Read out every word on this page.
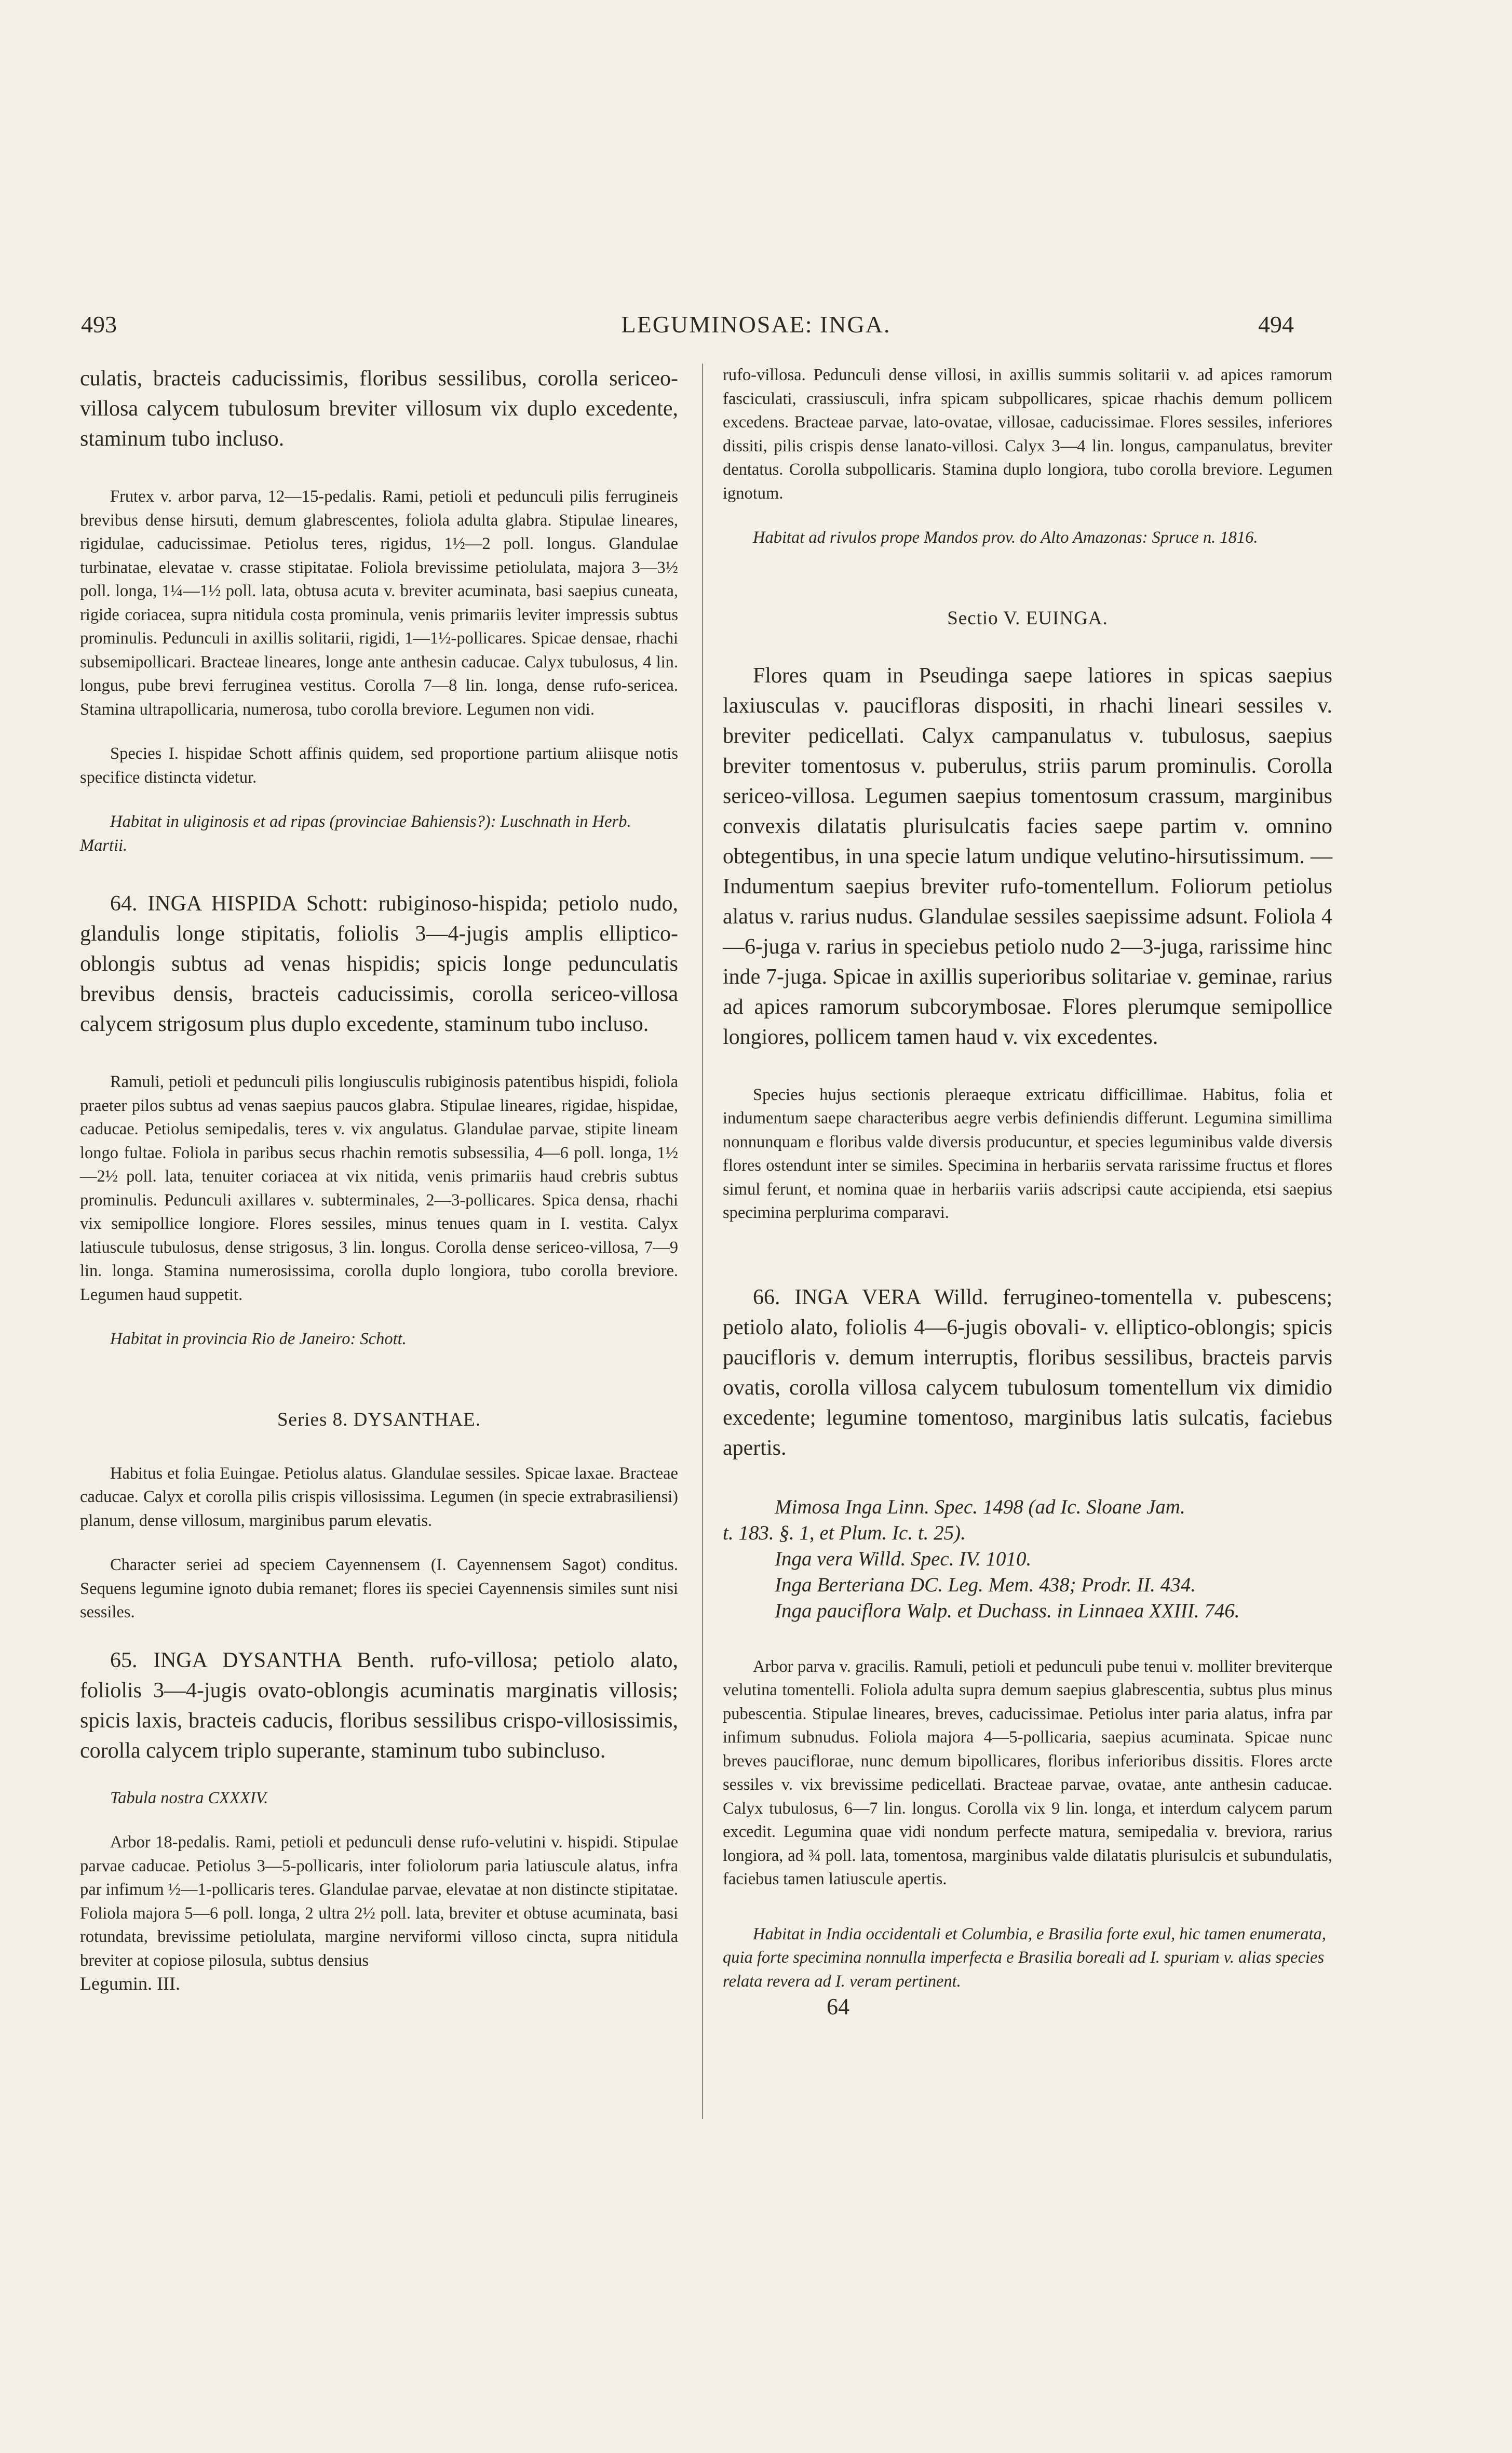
493	LEGUMINOSAE: INGA.	494

culatis, bracteis caducissimis, floribus sessilibus, corolla sericeo-villosa calycem tubulosum breviter villosum vix duplo excedente, staminum tubo incluso.

Frutex v. arbor parva, 12—15-pedalis. Rami, petioli et pedunculi pilis ferrugineis brevibus dense hirsuti, demum glabrescentes, foliola adulta glabra. Stipulae lineares, rigidulae, caducissimae. Petiolus teres, rigidus, 1½—2 poll. longus. Glandulae turbinatae, elevatae v. crasse stipitatae. Foliola brevissime petiolulata, majora 3—3½ poll. longa, 1¼—1½ poll. lata, obtusa acuta v. breviter acuminata, basi saepius cuneata, rigide coriacea, supra nitidula costa prominula, venis primariis leviter impressis subtus prominulis. Pedunculi in axillis solitarii, rigidi, 1—1½-pollicares. Spicae densae, rhachi subsemipollicari. Bracteae lineares, longe ante anthesin caducae. Calyx tubulosus, 4 lin. longus, pube brevi ferruginea vestitus. Corolla 7—8 lin. longa, dense rufo-sericea. Stamina ultrapollicaria, numerosa, tubo corolla breviore. Legumen non vidi.

Species I. hispidae Schott affinis quidem, sed proportione partium aliisque notis specifice distincta videtur.

Habitat in uliginosis et ad ripas (provinciae Bahiensis?): Luschnath in Herb. Martii.

64. INGA HISPIDA Schott: rubiginoso-hispida; petiolo nudo, glandulis longe stipitatis, foliolis 3—4-jugis amplis elliptico-oblongis subtus ad venas hispidis; spicis longe pedunculatis brevibus densis, bracteis caducissimis, corolla sericeo-villosa calycem strigosum plus duplo excedente, staminum tubo incluso.

Ramuli, petioli et pedunculi pilis longiusculis rubiginosis patentibus hispidi, foliola praeter pilos subtus ad venas saepius paucos glabra. Stipulae lineares, rigidae, hispidae, caducae. Petiolus semipedalis, teres v. vix angulatus. Glandulae parvae, stipite lineam longo fultae. Foliola in paribus secus rhachin remotis subsessilia, 4—6 poll. longa, 1½—2½ poll. lata, tenuiter coriacea at vix nitida, venis primariis haud crebris subtus prominulis. Pedunculi axillares v. subterminales, 2—3-pollicares. Spica densa, rhachi vix semipollice longiore. Flores sessiles, minus tenues quam in I. vestita. Calyx latiuscule tubulosus, dense strigosus, 3 lin. longus. Corolla dense sericeo-villosa, 7—9 lin. longa. Stamina numerosissima, corolla duplo longiora, tubo corolla breviore. Legumen haud suppetit.

Habitat in provincia Rio de Janeiro: Schott.

Series 8. DYSANTHAE.

Habitus et folia Euingae. Petiolus alatus. Glandulae sessiles. Spicae laxae. Bracteae caducae. Calyx et corolla pilis crispis villosissima. Legumen (in specie extrabrasiliensi) planum, dense villosum, marginibus parum elevatis.

Character seriei ad speciem Cayennensem (I. Cayennensem Sagot) conditus. Sequens legumine ignoto dubia remanet; flores iis speciei Cayennensis similes sunt nisi sessiles.

65. INGA DYSANTHA Benth. rufo-villosa; petiolo alato, foliolis 3—4-jugis ovato-oblongis acuminatis marginatis villosis; spicis laxis, bracteis caducis, floribus sessilibus crispo-villosissimis, corolla calycem triplo superante, staminum tubo subincluso.

Tabula nostra CXXXIV.

Arbor 18-pedalis. Rami, petioli et pedunculi dense rufo-velutini v. hispidi. Stipulae parvae caducae. Petiolus 3—5-pollicaris, inter foliolorum paria latiuscule alatus, infra par infimum ½—1-pollicaris teres. Glandulae parvae, elevatae at non distincte stipitatae. Foliola majora 5—6 poll. longa, 2 ultra 2½ poll. lata, breviter et obtuse acuminata, basi rotundata, brevissime petiolulata, margine nerviformi villoso cincta, supra nitidula breviter at copiose pilosula, subtus densius

Legumin. III.

rufo-villosa. Pedunculi dense villosi, in axillis summis solitarii v. ad apices ramorum fasciculati, crassiusculi, infra spicam subpollicares, spicae rhachis demum pollicem excedens. Bracteae parvae, lato-ovatae, villosae, caducissimae. Flores sessiles, inferiores dissiti, pilis crispis dense lanato-villosi. Calyx 3—4 lin. longus, campanulatus, breviter dentatus. Corolla subpollicaris. Stamina duplo longiora, tubo corolla breviore. Legumen ignotum.

Habitat ad rivulos prope Mandos prov. do Alto Amazonas: Spruce n. 1816.

Sectio V. EUINGA.

Flores quam in Pseudinga saepe latiores in spicas saepius laxiusculas v. paucifloras dispositi, in rhachi lineari sessiles v. breviter pedicellati. Calyx campanulatus v. tubulosus, saepius breviter tomentosus v. puberulus, striis parum prominulis. Corolla sericeo-villosa. Legumen saepius tomentosum crassum, marginibus convexis dilatatis plurisulcatis facies saepe partim v. omnino obtegentibus, in una specie latum undique velutino-hirsutissimum. — Indumentum saepius breviter rufo-tomentellum. Foliorum petiolus alatus v. rarius nudus. Glandulae sessiles saepissime adsunt. Foliola 4—6-juga v. rarius in speciebus petiolo nudo 2—3-juga, rarissime hinc inde 7-juga. Spicae in axillis superioribus solitariae v. geminae, rarius ad apices ramorum subcorymbosae. Flores plerumque semipollice longiores, pollicem tamen haud v. vix excedentes.

Species hujus sectionis pleraeque extricatu difficillimae. Habitus, folia et indumentum saepe characteribus aegre verbis definiendis differunt. Legumina simillima nonnunquam e floribus valde diversis producuntur, et species leguminibus valde diversis flores ostendunt inter se similes. Specimina in herbariis servata rarissime fructus et flores simul ferunt, et nomina quae in herbariis variis adscripsi caute accipienda, etsi saepius specimina perplurima comparavi.

66. INGA VERA Willd. ferrugineo-tomentella v. pubescens; petiolo alato, foliolis 4—6-jugis obovali- v. elliptico-oblongis; spicis paucifloris v. demum interruptis, floribus sessilibus, bracteis parvis ovatis, corolla villosa calycem tubulosum tomentellum vix dimidio excedente; legumine tomentoso, marginibus latis sulcatis, faciebus apertis.

Mimosa Inga Linn. Spec. 1498 (ad Ic. Sloane Jam.

t. 183. §. 1, et Plum. Ic. t. 25).

Inga vera Willd. Spec. IV. 1010.

Inga Berteriana DC. Leg. Mem. 438; Prodr. II. 434.

Inga pauciflora Walp. et Duchass. in Linnaea XXIII. 746.

Arbor parva v. gracilis. Ramuli, petioli et pedunculi pube tenui v. molliter breviterque velutina tomentelli. Foliola adulta supra demum saepius glabrescentia, subtus plus minus pubescentia. Stipulae lineares, breves, caducissimae. Petiolus inter paria alatus, infra par infimum subnudus. Foliola majora 4—5-pollicaria, saepius acuminata. Spicae nunc breves pauciflorae, nunc demum bipollicares, floribus inferioribus dissitis. Flores arcte sessiles v. vix brevissime pedicellati. Bracteae parvae, ovatae, ante anthesin caducae. Calyx tubulosus, 6—7 lin. longus. Corolla vix 9 lin. longa, et interdum calycem parum excedit. Legumina quae vidi nondum perfecte matura, semipedalia v. breviora, rarius longiora, ad ¾ poll. lata, tomentosa, marginibus valde dilatatis plurisulcis et subundulatis, faciebus tamen latiuscule apertis.

Habitat in India occidentali et Columbia, e Brasilia forte exul, hic tamen enumerata, quia forte specimina nonnulla imperfecta e Brasilia boreali ad I. spuriam v. alias species relata revera ad I. veram pertinent.

64
